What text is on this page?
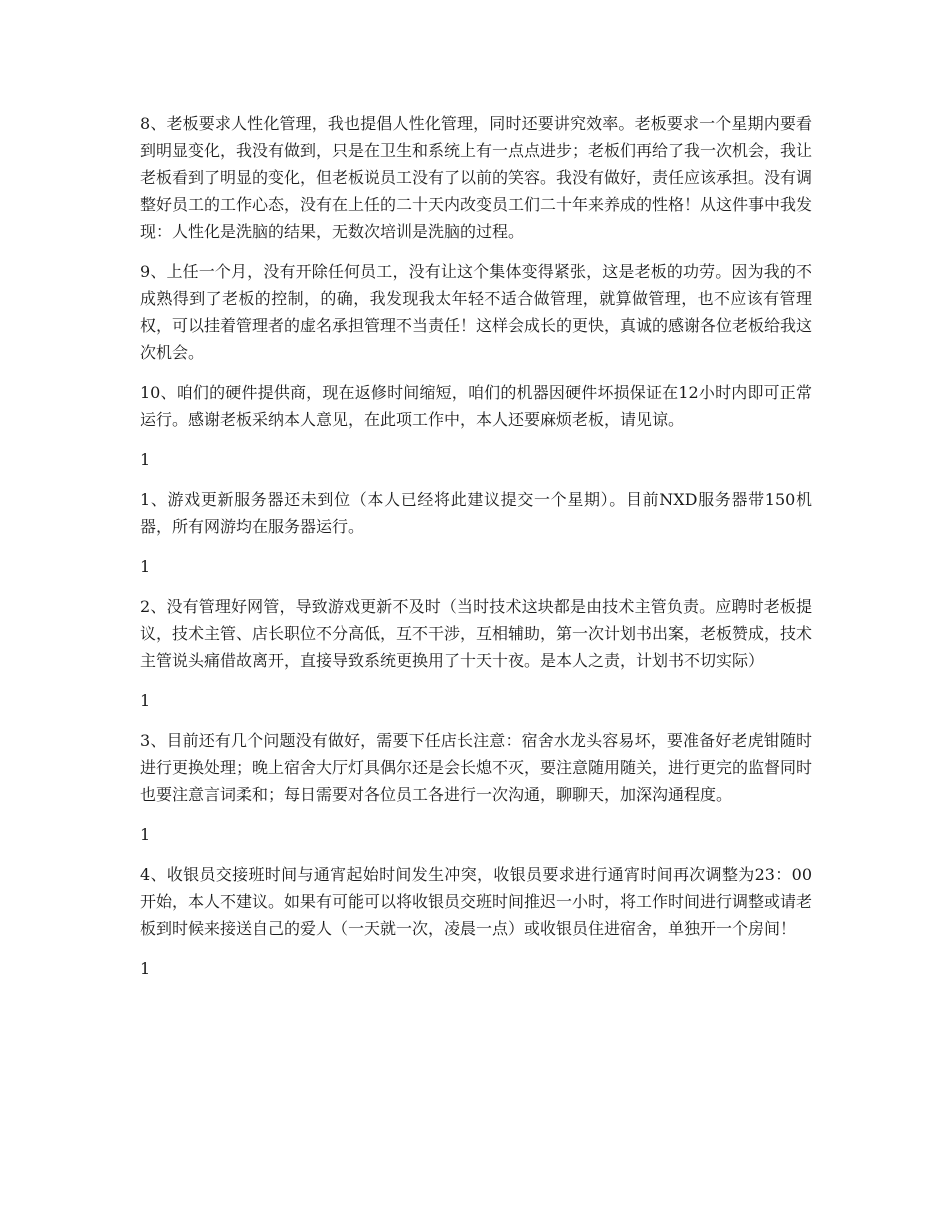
8、老板要求人性化管理，我也提倡人性化管理，同时还要讲究效率。老板要求一个星期内要看到明显变化，我没有做到，只是在卫生和系统上有一点点进步；老板们再给了我一次机会，我让老板看到了明显的变化，但老板说员工没有了以前的笑容。我没有做好，责任应该承担。没有调整好员工的工作心态，没有在上任的二十天内改变员工们二十年来养成的性格！从这件事中我发现：人性化是洗脑的结果，无数次培训是洗脑的过程。

9、上任一个月，没有开除任何员工，没有让这个集体变得紧张，这是老板的功劳。因为我的不成熟得到了老板的控制，的确，我发现我太年轻不适合做管理，就算做管理，也不应该有管理权，可以挂着管理者的虚名承担管理不当责任！这样会成长的更快，真诚的感谢各位老板给我这次机会。

10、咱们的硬件提供商，现在返修时间缩短，咱们的机器因硬件坏损保证在12小时内即可正常运行。感谢老板采纳本人意见，在此项工作中，本人还要麻烦老板，请见谅。

1

1、游戏更新服务器还未到位（本人已经将此建议提交一个星期）。目前NXD服务器带150机器，所有网游均在服务器运行。

1

2、没有管理好网管，导致游戏更新不及时（当时技术这块都是由技术主管负责。应聘时老板提议，技术主管、店长职位不分高低，互不干涉，互相辅助，第一次计划书出案，老板赞成，技术主管说头痛借故离开，直接导致系统更换用了十天十夜。是本人之责，计划书不切实际）

1

3、目前还有几个问题没有做好，需要下任店长注意：宿舍水龙头容易坏，要准备好老虎钳随时进行更换处理；晚上宿舍大厅灯具偶尔还是会长熄不灭，要注意随用随关，进行更完的监督同时也要注意言词柔和；每日需要对各位员工各进行一次沟通，聊聊天，加深沟通程度。

1

4、收银员交接班时间与通宵起始时间发生冲突，收银员要求进行通宵时间再次调整为23：00开始，本人不建议。如果有可能可以将收银员交班时间推迟一小时，将工作时间进行调整或请老板到时候来接送自己的爱人（一天就一次，凌晨一点）或收银员住进宿舍，单独开一个房间！

1
